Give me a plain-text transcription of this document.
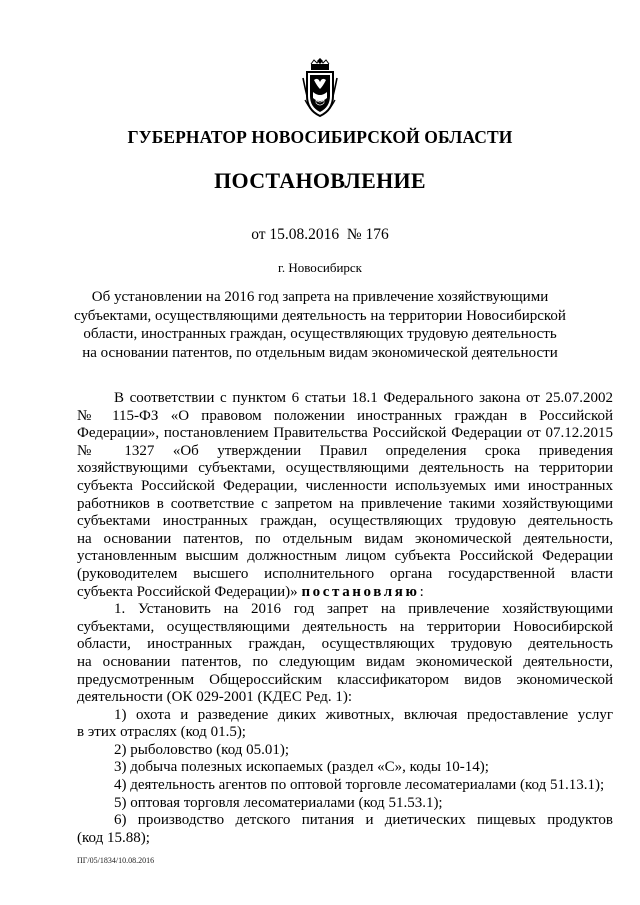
ГУБЕРНАТОР НОВОСИБИРСКОЙ ОБЛАСТИ
ПОСТАНОВЛЕНИЕ
от 15.08.2016  № 176
г. Новосибирск
Об установлении на 2016 год запрета на привлечение хозяйствующими
субъектами, осуществляющими деятельность на территории Новосибирской
области, иностранных граждан, осуществляющих трудовую деятельность
на основании патентов, по отдельным видам экономической деятельности
В соответствии с пунктом 6 статьи 18.1 Федерального закона от 25.07.2002
№ 115-ФЗ «О правовом положении иностранных граждан в Российской
Федерации», постановлением Правительства Российской Федерации от 07.12.2015
№ 1327 «Об утверждении Правил определения срока приведения
хозяйствующими субъектами, осуществляющими деятельность на территории
субъекта Российской Федерации, численности используемых ими иностранных
работников в соответствие с запретом на привлечение такими хозяйствующими
субъектами иностранных граждан, осуществляющих трудовую деятельность
на основании патентов, по отдельным видам экономической деятельности,
установленным высшим должностным лицом субъекта Российской Федерации
(руководителем высшего исполнительного органа государственной власти
субъекта Российской Федерации)» постановляю:
1. Установить на 2016 год запрет на привлечение хозяйствующими
субъектами, осуществляющими деятельность на территории Новосибирской
области, иностранных граждан, осуществляющих трудовую деятельность
на основании патентов, по следующим видам экономической деятельности,
предусмотренным Общероссийским классификатором видов экономической
деятельности (ОК 029-2001 (КДЕС Ред. 1):
1) охота и разведение диких животных, включая предоставление услуг
в этих отраслях (код 01.5);
2) рыболовство (код 05.01);
3) добыча полезных ископаемых (раздел «С», коды 10-14);
4) деятельность агентов по оптовой торговле лесоматериалами (код 51.13.1);
5) оптовая торговля лесоматериалами (код 51.53.1);
6) производство детского питания и диетических пищевых продуктов
(код 15.88);
ПГ/05/1834/10.08.2016
